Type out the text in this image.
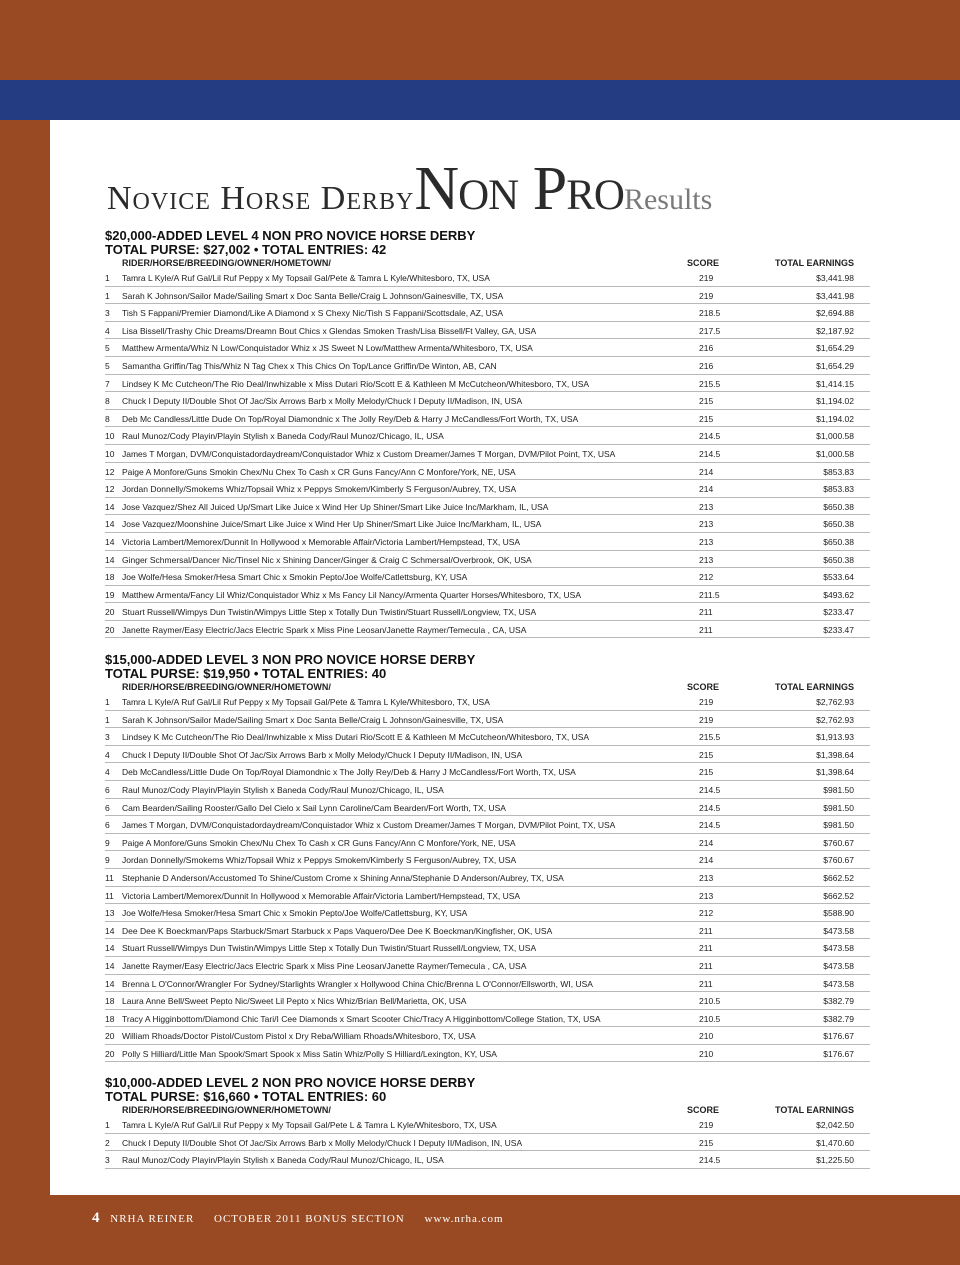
Novice Horse DerbyNon ProResults
$20,000-ADDED LEVEL 4 NON PRO NOVICE HORSE DERBY
TOTAL PURSE: $27,002 • TOTAL ENTRIES: 42
RIDER/HORSE/BREEDING/OWNER/HOMETOWN/	SCORE	TOTAL EARNINGS
1 Tamra L Kyle/A Ruf Gal/Lil Ruf Peppy x My Topsail Gal/Pete & Tamra L Kyle/Whitesboro, TX, USA	219	$3,441.98
1 Sarah K Johnson/Sailor Made/Sailing Smart x Doc Santa Belle/Craig L Johnson/Gainesville, TX, USA	219	$3,441.98
3 Tish S Fappani/Premier Diamond/Like A Diamond x S Chexy Nic/Tish S Fappani/Scottsdale, AZ, USA	218.5	$2,694.88
4 Lisa Bissell/Trashy Chic Dreams/Dreamn Bout Chics x Glendas Smoken Trash/Lisa Bissell/Ft Valley, GA, USA	217.5	$2,187.92
5 Matthew Armenta/Whiz N Low/Conquistador Whiz x JS Sweet N Low/Matthew Armenta/Whitesboro, TX, USA	216	$1,654.29
5 Samantha Griffin/Tag This/Whiz N Tag Chex x This Chics On Top/Lance Griffin/De Winton, AB, CAN	216	$1,654.29
7 Lindsey K Mc Cutcheon/The Rio Deal/Inwhizable x Miss Dutari Rio/Scott E & Kathleen M McCutcheon/Whitesboro, TX, USA	215.5	$1,414.15
8 Chuck I Deputy II/Double Shot Of Jac/Six Arrows Barb x Molly Melody/Chuck I Deputy II/Madison, IN, USA	215	$1,194.02
8 Deb Mc Candless/Little Dude On Top/Royal Diamondnic x The Jolly Rey/Deb & Harry J McCandless/Fort Worth, TX, USA	215	$1,194.02
10 Raul Munoz/Cody Playin/Playin Stylish x Baneda Cody/Raul Munoz/Chicago, IL, USA	214.5	$1,000.58
10 James T Morgan, DVM/Conquistadordaydream/Conquistador Whiz x Custom Dreamer/James T Morgan, DVM/Pilot Point, TX, USA	214.5	$1,000.58
12 Paige A Monfore/Guns Smokin Chex/Nu Chex To Cash x CR Guns Fancy/Ann C Monfore/York, NE, USA	214	$853.83
12 Jordan Donnelly/Smokems Whiz/Topsail Whiz x Peppys Smokem/Kimberly S Ferguson/Aubrey, TX, USA	214	$853.83
14 Jose Vazquez/Shez All Juiced Up/Smart Like Juice x Wind Her Up Shiner/Smart Like Juice Inc/Markham, IL, USA	213	$650.38
14 Jose Vazquez/Moonshine Juice/Smart Like Juice x Wind Her Up Shiner/Smart Like Juice Inc/Markham, IL, USA	213	$650.38
14 Victoria Lambert/Memorex/Dunnit In Hollywood x Memorable Affair/Victoria Lambert/Hempstead, TX, USA	213	$650.38
14 Ginger Schmersal/Dancer Nic/Tinsel Nic x Shining Dancer/Ginger & Craig C Schmersal/Overbrook, OK, USA	213	$650.38
18 Joe Wolfe/Hesa Smoker/Hesa Smart Chic x Smokin Pepto/Joe Wolfe/Catlettsburg, KY, USA	212	$533.64
19 Matthew Armenta/Fancy Lil Whiz/Conquistador Whiz x Ms Fancy Lil Nancy/Armenta Quarter Horses/Whitesboro, TX, USA	211.5	$493.62
20 Stuart Russell/Wimpys Dun Twistin/Wimpys Little Step x Totally Dun Twistin/Stuart Russell/Longview, TX, USA	211	$233.47
20 Janette Raymer/Easy Electric/Jacs Electric Spark x Miss Pine Leosan/Janette Raymer/Temecula , CA, USA	211	$233.47
$15,000-ADDED LEVEL 3 NON PRO NOVICE HORSE DERBY
TOTAL PURSE: $19,950 • TOTAL ENTRIES: 40
RIDER/HORSE/BREEDING/OWNER/HOMETOWN/	SCORE	TOTAL EARNINGS
1 Tamra L Kyle/A Ruf Gal/Lil Ruf Peppy x My Topsail Gal/Pete & Tamra L Kyle/Whitesboro, TX, USA	219	$2,762.93
1 Sarah K Johnson/Sailor Made/Sailing Smart x Doc Santa Belle/Craig L Johnson/Gainesville, TX, USA	219	$2,762.93
3 Lindsey K Mc Cutcheon/The Rio Deal/Inwhizable x Miss Dutari Rio/Scott E & Kathleen M McCutcheon/Whitesboro, TX, USA	215.5	$1,913.93
4 Chuck I Deputy II/Double Shot Of Jac/Six Arrows Barb x Molly Melody/Chuck I Deputy II/Madison, IN, USA	215	$1,398.64
4 Deb McCandless/Little Dude On Top/Royal Diamondnic x The Jolly Rey/Deb & Harry J McCandless/Fort Worth, TX, USA	215	$1,398.64
6 Raul Munoz/Cody Playin/Playin Stylish x Baneda Cody/Raul Munoz/Chicago, IL, USA	214.5	$981.50
6 Cam Bearden/Sailing Rooster/Gallo Del Cielo x Sail Lynn Caroline/Cam Bearden/Fort Worth, TX, USA	214.5	$981.50
6 James T Morgan, DVM/Conquistadordaydream/Conquistador Whiz x Custom Dreamer/James T Morgan, DVM/Pilot Point, TX, USA	214.5	$981.50
9 Paige A Monfore/Guns Smokin Chex/Nu Chex To Cash x CR Guns Fancy/Ann C Monfore/York, NE, USA	214	$760.67
9 Jordan Donnelly/Smokems Whiz/Topsail Whiz x Peppys Smokem/Kimberly S Ferguson/Aubrey, TX, USA	214	$760.67
11 Stephanie D Anderson/Accustomed To Shine/Custom Crome x Shining Anna/Stephanie D Anderson/Aubrey, TX, USA	213	$662.52
11 Victoria Lambert/Memorex/Dunnit In Hollywood x Memorable Affair/Victoria Lambert/Hempstead, TX, USA	213	$662.52
13 Joe Wolfe/Hesa Smoker/Hesa Smart Chic x Smokin Pepto/Joe Wolfe/Catlettsburg, KY, USA	212	$588.90
14 Dee Dee K Boeckman/Paps Starbuck/Smart Starbuck x Paps Vaquero/Dee Dee K Boeckman/Kingfisher, OK, USA	211	$473.58
14 Stuart Russell/Wimpys Dun Twistin/Wimpys Little Step x Totally Dun Twistin/Stuart Russell/Longview, TX, USA	211	$473.58
14 Janette Raymer/Easy Electric/Jacs Electric Spark x Miss Pine Leosan/Janette Raymer/Temecula , CA, USA	211	$473.58
14 Brenna L O'Connor/Wrangler For Sydney/Starlights Wrangler x Hollywood China Chic/Brenna L O'Connor/Ellsworth, WI, USA	211	$473.58
18 Laura Anne Bell/Sweet Pepto Nic/Sweet Lil Pepto x Nics Whiz/Brian Bell/Marietta, OK, USA	210.5	$382.79
18 Tracy A Higginbottom/Diamond Chic Tari/I Cee Diamonds x Smart Scooter Chic/Tracy A Higginbottom/College Station, TX, USA	210.5	$382.79
20 William Rhoads/Doctor Pistol/Custom Pistol x Dry Reba/William Rhoads/Whitesboro, TX, USA	210	$176.67
20 Polly S Hilliard/Little Man Spook/Smart Spook x Miss Satin Whiz/Polly S Hilliard/Lexington, KY, USA	210	$176.67
$10,000-ADDED LEVEL 2 NON PRO NOVICE HORSE DERBY
TOTAL PURSE: $16,660 • TOTAL ENTRIES: 60
RIDER/HORSE/BREEDING/OWNER/HOMETOWN/	SCORE	TOTAL EARNINGS
1 Tamra L Kyle/A Ruf Gal/Lil Ruf Peppy x My Topsail Gal/Pete L & Tamra L Kyle/Whitesboro, TX, USA	219	$2,042.50
2 Chuck I Deputy II/Double Shot Of Jac/Six Arrows Barb x Molly Melody/Chuck I Deputy II/Madison, IN, USA	215	$1,470.60
3 Raul Munoz/Cody Playin/Playin Stylish x Baneda Cody/Raul Munoz/Chicago, IL, USA	214.5	$1,225.50
4 NRHA REINER OCTOBER 2011 BONUS SECTION www.nrha.com
